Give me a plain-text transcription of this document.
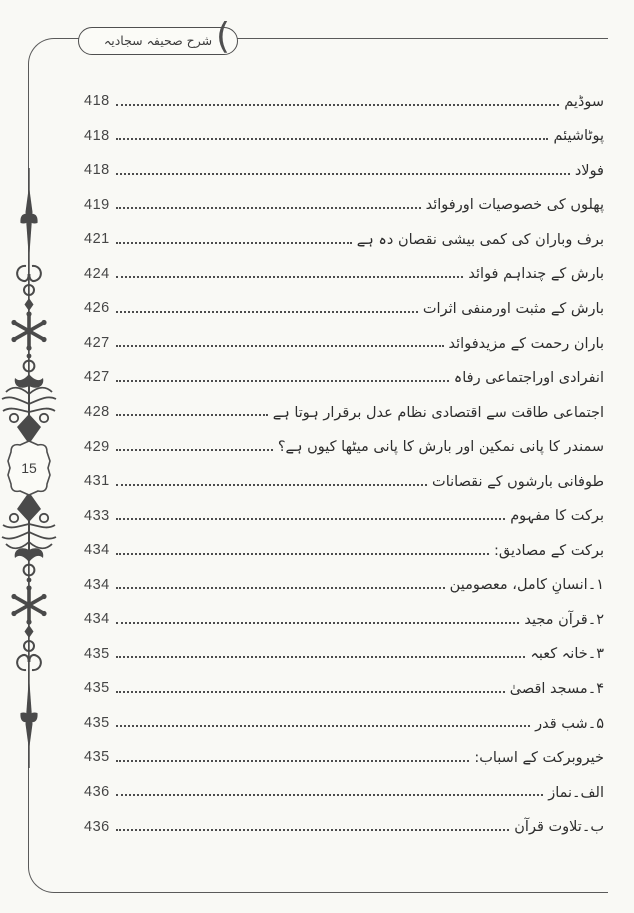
شرح صحیفہ سجادیہ (
15
418	سوڈیم
418	پوٹاشیئم
418	فولاد
419	پھلوں کی خصوصیات اورفوائد
421	برف وباران کی کمی بیشی نقصان دہ ہے
424	بارش کے چنداہم فوائد
426	بارش کے مثبت اورمنفی اثرات
427	باران رحمت کے مزیدفوائد
427	انفرادی اوراجتماعی رفاہ
428	اجتماعی طاقت سے اقتصادی نظام عدل برقرار ہوتا ہے
429	سمندر کا پانی نمکین اور بارش کا پانی میٹھا کیوں ہے؟
431	طوفانی بارشوں کے نقصانات
433	برکت کا مفہوم
434	برکت کے مصادیق:
434	۱۔انسانِ کامل، معصومین
434	۲۔قرآن مجید
435	۳۔خانہ کعبہ
435	۴۔مسجد اقصیٰ
435	۵۔شب قدر
435	خیروبرکت کے اسباب:
436	الف۔نماز
436	ب۔تلاوت قرآن
